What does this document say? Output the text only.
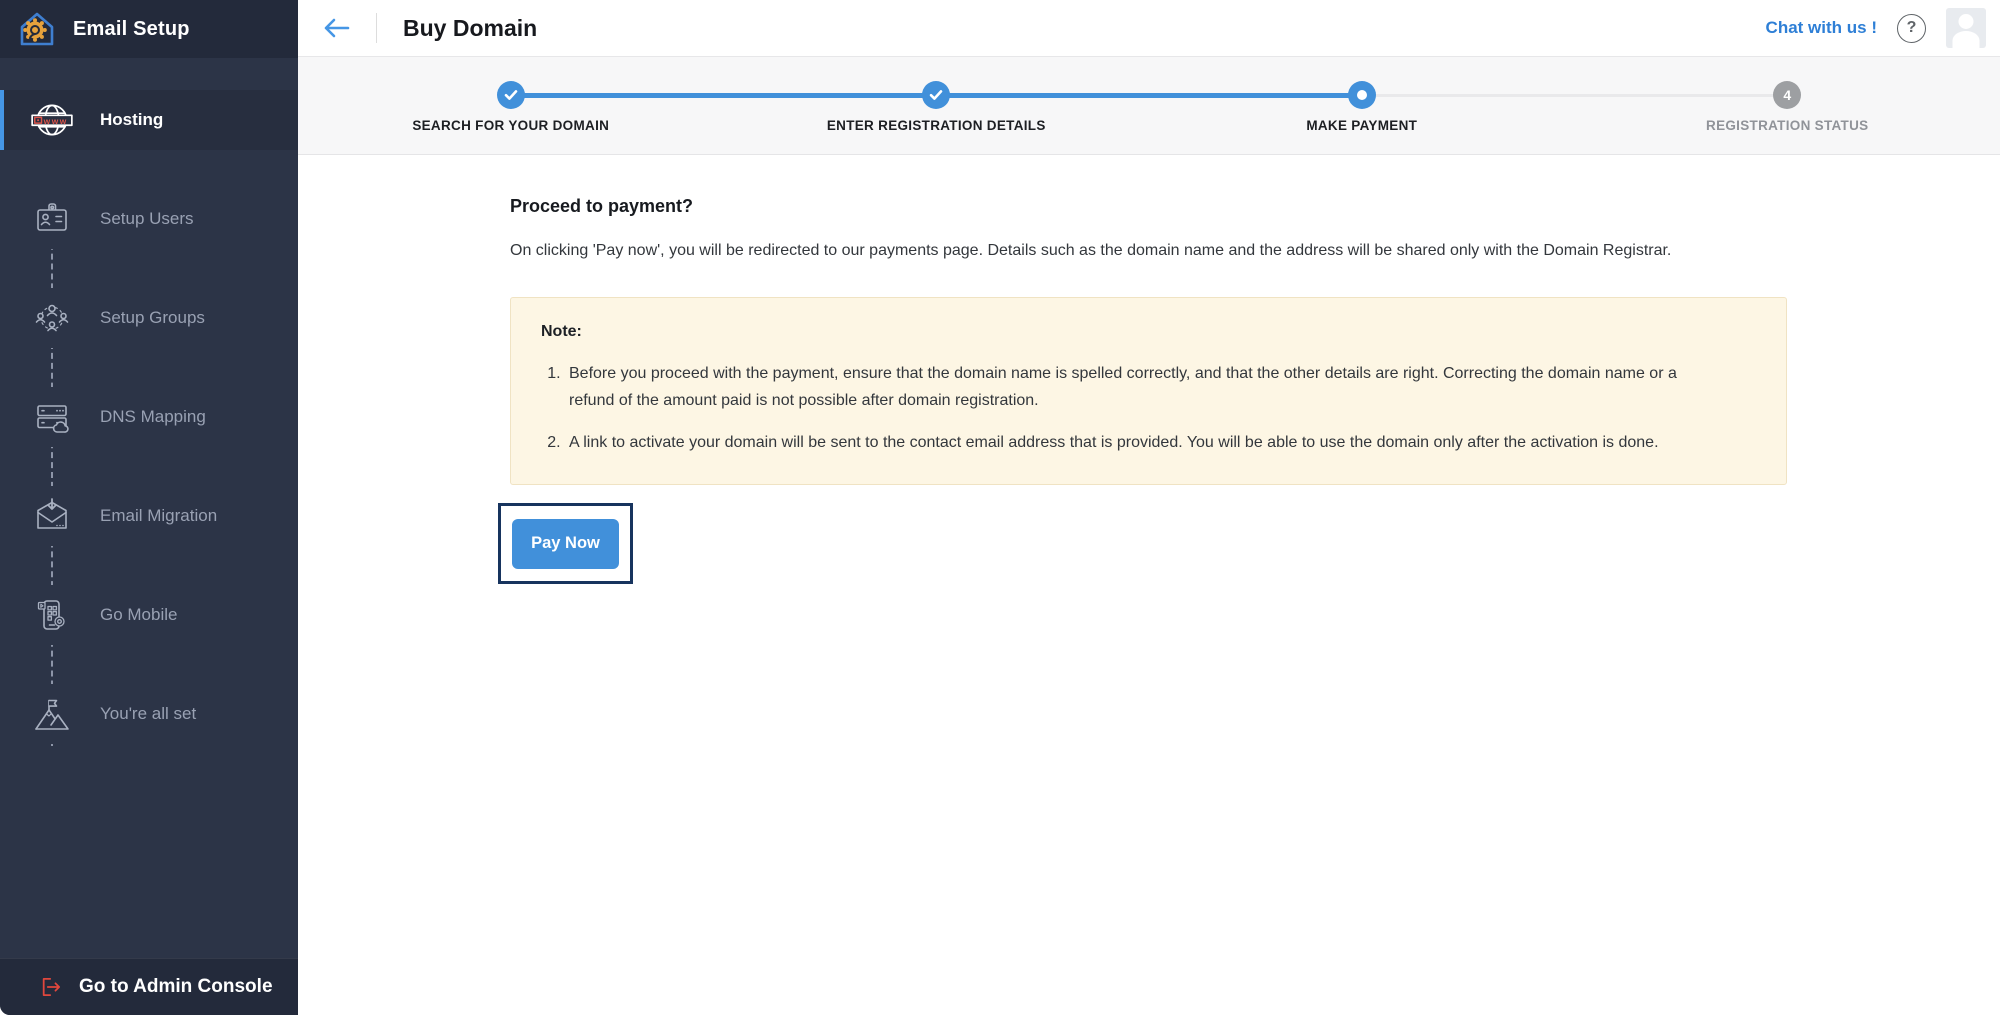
Email Setup
www Hosting
Setup Users
Setup Groups
DNS Mapping
Email Migration
Go Mobile
You're all set
Go to Admin Console
Buy Domain	Chat with us !	?
SEARCH FOR YOUR DOMAIN	ENTER REGISTRATION DETAILS	MAKE PAYMENT
4
REGISTRATION STATUS
Proceed to payment?
On clicking 'Pay now', you will be redirected to our payments page. Details such as the domain name and the address will be shared only with the Domain Registrar.
Note:
1. Before you proceed with the payment, ensure that the domain name is spelled correctly, and that the other details are right. Correcting the domain name or a refund of the amount paid is not possible after domain registration.
2. A link to activate your domain will be sent to the contact email address that is provided. You will be able to use the domain only after the activation is done.
Pay Now
